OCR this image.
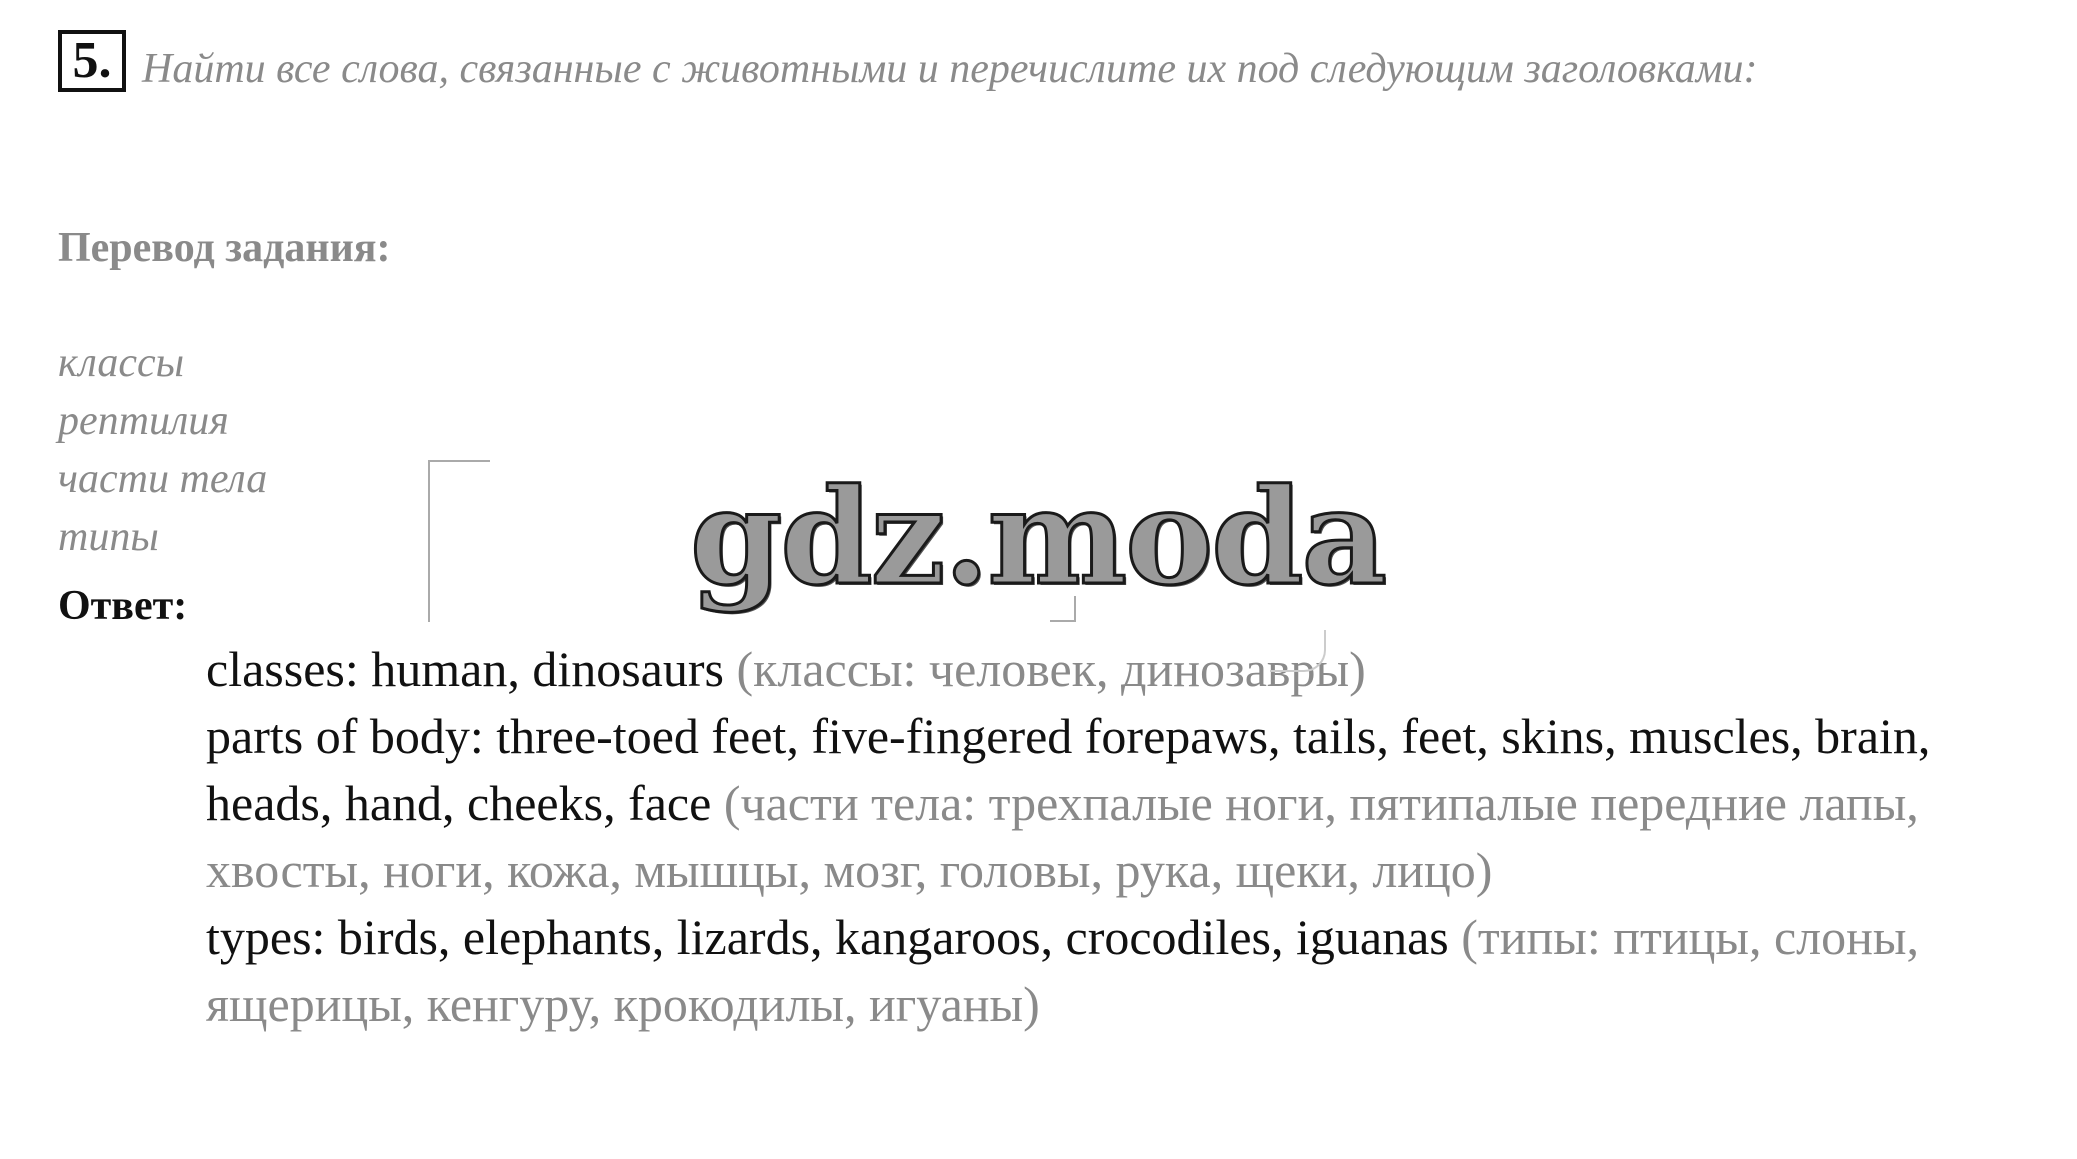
Найти все слова, связанные с животными и перечислите их под следующим заголовками:
5.
Перевод задания:
классы
рептилия
части тела
типы
Ответ:

classes: human, dinosaurs (классы: человек, динозавры)

parts of body: three-toed feet, five-fingered forepaws, tails, feet, skins, muscles, brain, heads, hand, cheeks, face (части тела: трехпалые ноги, пятипалые передние лапы, хвосты, ноги, кожа, мышцы, мозг, головы, рука, щеки, лицо)

types: birds, elephants, lizards, kangaroos, crocodiles, iguanas (типы: птицы, слоны, ящерицы, кенгуру, крокодилы, игуаны)

gdz.moda
